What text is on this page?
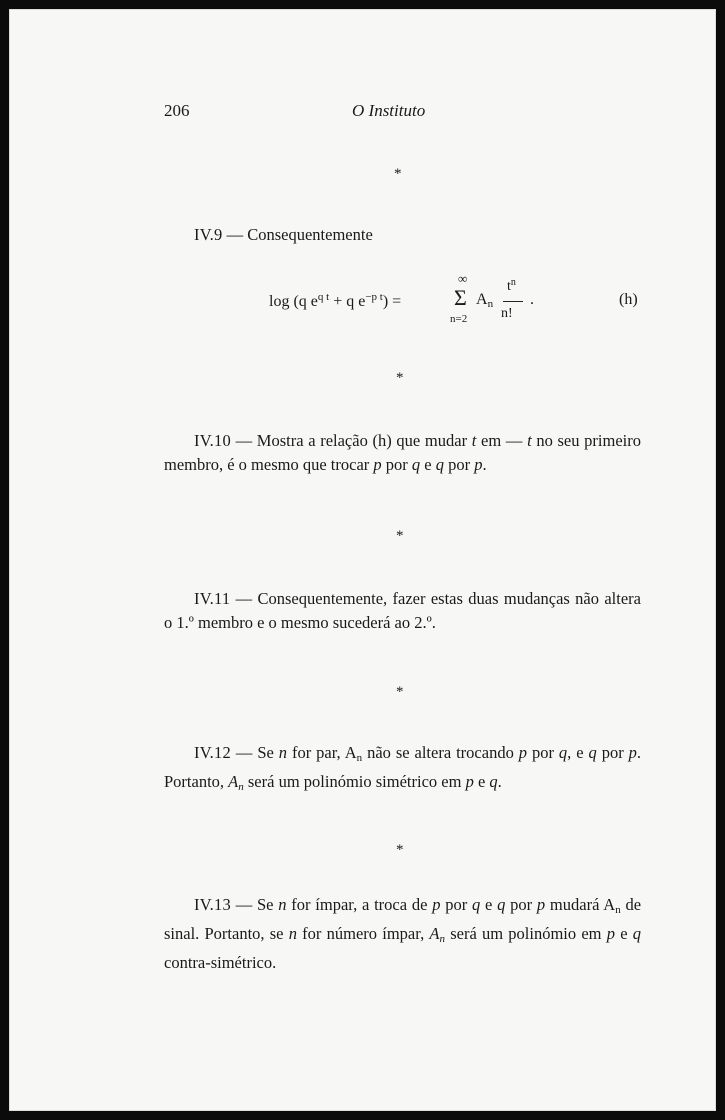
206	O Instituto
*
IV.9 — Consequentemente
log (q $e^{q t} + q$ $e^{-p t}$) =
∞
Σ
n=2
$A_n$
$t^n$
n!
.	(h)
*
IV.10 — Mostra a relação (h) que mudar t em — t no seu primeiro membro, é o mesmo que trocar p por q e q por p.
*
IV.11 — Consequentemente, fazer estas duas mudanças não altera o 1.º membro e o mesmo sucederá ao 2.º.
*
IV.12 — Se n for par, $A_n$ não se altera trocando p por q, e q por p. Portanto, $A_n$ será um polinómio simétrico em p e q.
*
IV.13 — Se n for ímpar, a troca de p por q e q por p mudará $A_n$ de sinal. Portanto, se n for número ímpar, $A_n$ será um polinómio em p e q contra-simétrico.
